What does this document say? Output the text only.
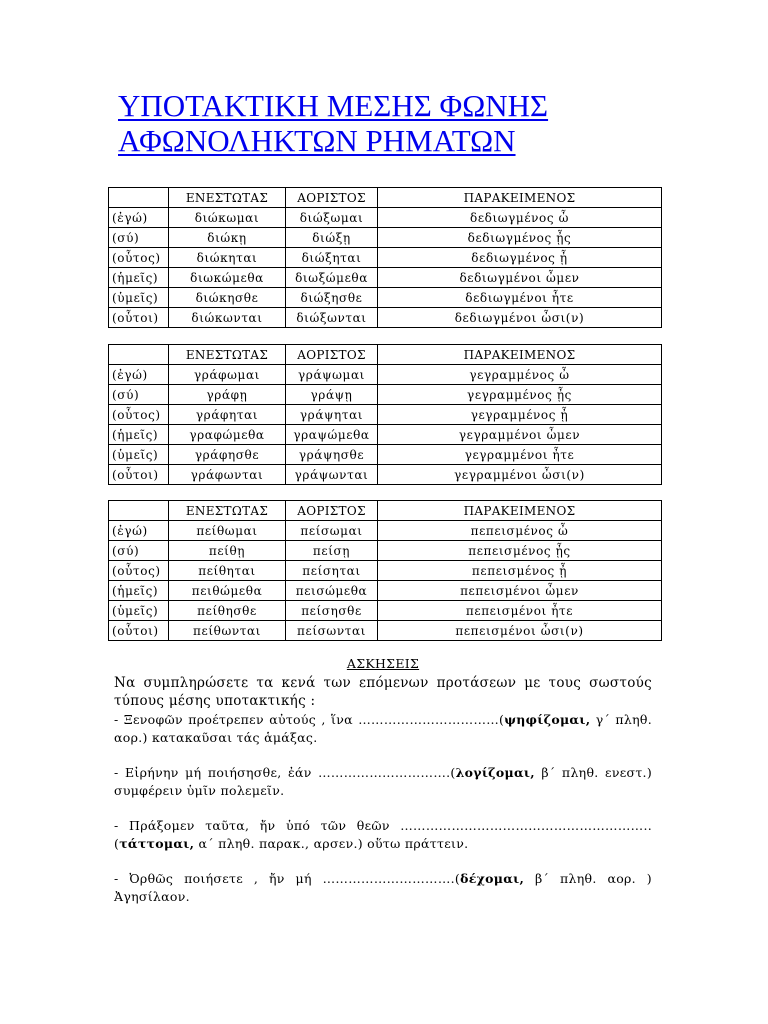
ΥΠΟΤΑΚΤΙΚΗ ΜΕΣΗΣ ΦΩΝΗΣ
ΑΦΩΝΟΛΗΚΤΩΝ ΡΗΜΑΤΩΝ
	ΕΝΕΣΤΩΤΑΣ	ΑΟΡΙΣΤΟΣ	ΠΑΡΑΚΕΙΜΕΝΟΣ
(ἐγώ)	διώκωμαι	διώξωμαι	δεδιωγμένος ὦ
(σύ)	διώκῃ	διώξῃ	δεδιωγμένος ᾖς
(οὗτος)	διώκηται	διώξηται	δεδιωγμένος ᾖ
(ἡμεῖς)	διωκώμεθα	διωξώμεθα	δεδιωγμένοι ὦμεν
(ὑμεῖς)	διώκησθε	διώξησθε	δεδιωγμένοι ἦτε
(οὗτοι)	διώκωνται	διώξωνται	δεδιωγμένοι ὦσι(ν)
	ΕΝΕΣΤΩΤΑΣ	ΑΟΡΙΣΤΟΣ	ΠΑΡΑΚΕΙΜΕΝΟΣ
(ἐγώ)	γράφωμαι	γράψωμαι	γεγραμμένος ὦ
(σύ)	γράφῃ	γράψῃ	γεγραμμένος ᾖς
(οὗτος)	γράφηται	γράψηται	γεγραμμένος ᾖ
(ἡμεῖς)	γραφώμεθα	γραψώμεθα	γεγραμμένοι ὦμεν
(ὑμεῖς)	γράφησθε	γράψησθε	γεγραμμένοι ἦτε
(οὗτοι)	γράφωνται	γράψωνται	γεγραμμένοι ὦσι(ν)
	ΕΝΕΣΤΩΤΑΣ	ΑΟΡΙΣΤΟΣ	ΠΑΡΑΚΕΙΜΕΝΟΣ
(ἐγώ)	πείθωμαι	πείσωμαι	πεπεισμένος ὦ
(σύ)	πείθῃ	πείσῃ	πεπεισμένος ᾖς
(οὗτος)	πείθηται	πείσηται	πεπεισμένος ᾖ
(ἡμεῖς)	πειθώμεθα	πεισώμεθα	πεπεισμένοι ὦμεν
(ὑμεῖς)	πείθησθε	πείσησθε	πεπεισμένοι ἦτε
(οὗτοι)	πείθωνται	πείσωνται	πεπεισμένοι ὦσι(ν)
ΑΣΚΗΣΕΙΣ

Να συμπληρώσετε τα κενά των επόμενων προτάσεων με τους σωστούς τύπους μέσης υποτακτικής :

- Ξενοφῶν προέτρεπεν αὐτούς , ἵνα ……………………………(ψηφίζομαι, γ΄ πληθ. αορ.) κατακαῦσαι τάς ἁμάξας.

- Εἰρήνην μή ποιήσησθε, ἐάν ………………………….(λογίζομαι, β΄ πληθ. ενεστ.) συμφέρειν ὑμῖν πολεμεῖν.

- Πράξομεν ταῦτα, ἤν ὑπό τῶν θεῶν ………………………………………………….. (τάττομαι, α΄ πληθ. παρακ., αρσεν.) οὕτω πράττειν.

- Ὀρθῶς ποιήσετε , ἤν μή ………………………….(δέχομαι, β΄ πληθ. αορ. ) Ἀγησίλαον.
